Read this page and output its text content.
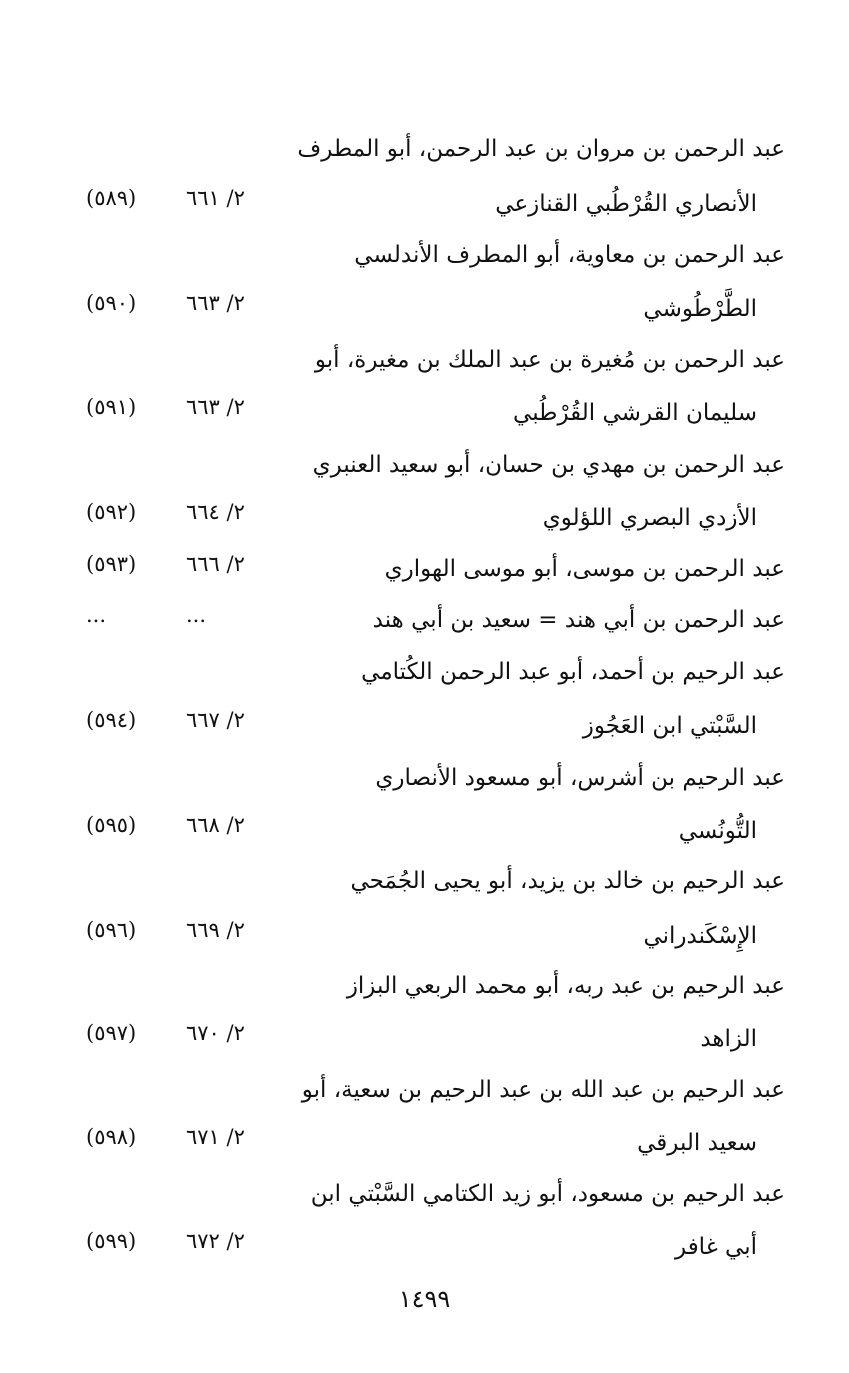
عبد الرحمن بن مروان بن عبد الرحمن، أبو المطرف
الأنصاري القُرْطُبي القنازعي
٢/ ٦٦١
(٥٨٩)
عبد الرحمن بن معاوية، أبو المطرف الأندلسي
الطَّرْطُوشي
٢/ ٦٦٣
(٥٩٠)
عبد الرحمن بن مُغيرة بن عبد الملك بن مغيرة، أبو
سليمان القرشي القُرْطُبي
٢/ ٦٦٣
(٥٩١)
عبد الرحمن بن مهدي بن حسان، أبو سعيد العنبري
الأزدي البصري اللؤلوي
٢/ ٦٦٤
(٥٩٢)
عبد الرحمن بن موسى، أبو موسى الهواري
٢/ ٦٦٦
(٥٩٣)
عبد الرحمن بن أبي هند = سعيد بن أبي هند
...
...
عبد الرحيم بن أحمد، أبو عبد الرحمن الكُتامي
السَّبْتي ابن العَجُوز
٢/ ٦٦٧
(٥٩٤)
عبد الرحيم بن أشرس، أبو مسعود الأنصاري
التُّونُسي
٢/ ٦٦٨
(٥٩٥)
عبد الرحيم بن خالد بن يزيد، أبو يحيى الجُمَحي
الإِسْكَندراني
٢/ ٦٦٩
(٥٩٦)
عبد الرحيم بن عبد ربه، أبو محمد الربعي البزاز
الزاهد
٢/ ٦٧٠
(٥٩٧)
عبد الرحيم بن عبد الله بن عبد الرحيم بن سعية، أبو
سعيد البرقي
٢/ ٦٧١
(٥٩٨)
عبد الرحيم بن مسعود، أبو زيد الكتامي السَّبْتي ابن
أبي غافر
٢/ ٦٧٢
(٥٩٩)
١٤٩٩
